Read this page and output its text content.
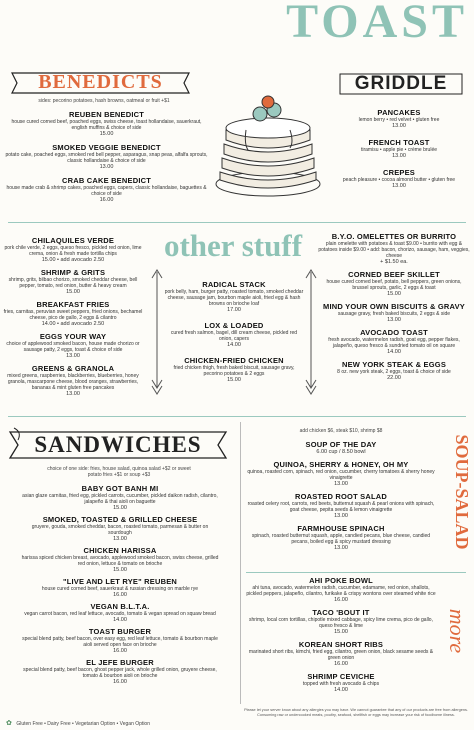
TOAST
BENEDICTS
sides: pecorino potatoes, hash browns, oatmeal or fruit +$1
REUBEN BENEDICT
house cured corned beef, poached eggs, swiss cheese, toast hollandaise, sauerkraut, english muffins & choice of side
15.00
SMOKED VEGGIE BENEDICT
potato cake, poached eggs, smoked red bell pepper, asparagus, snap peas, alfalfa sprouts, classic hollandaise & choice of side
13.00
CRAB CAKE BENEDICT
house made crab & shrimp cakes, poached eggs, capers, classic hollandaise, baguettes & choice of side
16.00
GRIDDLE
PANCAKES
lemon berry • red velvet • gluten free
13.00
FRENCH TOAST
tiramisu • apple pie • crème brulée
13.00
CREPES
peach pleasure • cocoa almond butter • gluten free
13.00
other stuff
CHILAQUILES VERDE
pork chile verde, 2 eggs, queso fresco, pickled red onion, lime crema, onion & fresh made tortilla chips
15.00 • add avocado 2.50
SHRIMP & GRITS
shrimp, grits, bilbao chorizo, smoked cheddar cheese, bell pepper, tomato, red onion, butter & heavy cream
15.00
BREAKFAST FRIES
fries, carnitas, peruvian sweet peppers, fried onions, bechamel cheese, pico de gallo, 2 eggs & cilantro
14.00 • add avocado 2.50
EGGS YOUR WAY
choice of applewood smoked bacon, house made chorizo or sausage patty, 2 eggs, toast & choice of side
13.00
GREENS & GRANOLA
mixed greens, raspberries, blackberries, blueberries, honey granola, mascarpone cheese, blood oranges, strawberries, bananas & mint gluten free pancakes
13.00
RADICAL STACK
pork belly, ham, burger patty, roasted tomato, smoked cheddar cheese, sausage jam, bourbon maple aioli, fried egg & hash browns on brioche loaf
17.00
LOX & LOADED
cured fresh salmon, bagel, dill cream cheese, pickled red onion, capers
14.00
CHICKEN-FRIED CHICKEN
fried chicken thigh, fresh baked biscuit, sausage gravy, pecorino potatoes & 2 eggs
15.00
B.Y.O. OMELETTES OR BURRITO
plain omelette with potatoes & toast $9.00 • burrito with egg & potatoes inside $9.00 • add: bacon, chorizo, sausage, ham, veggies, cheese
+ $1.50 ea.
CORNED BEEF SKILLET
house cured corned beef, potato, bell peppers, green onions, brussel sprouts, garlic, 2 eggs & toast
15.00
MIND YOUR OWN BISCUITS & GRAVY
sausage gravy, fresh baked biscuits, 2 eggs & side
13.00
AVOCADO TOAST
fresh avocado, watermelon radish, goat egg, pepper flakes, jalapeño, queso fresco & sundried tomato oil on square
14.00
NEW YORK STEAK & EGGS
8 oz. new york steak, 2 eggs, toast & choice of side
22.00
SANDWICHES
choice of one side: fries, house salad, quinoa salad +$2 or sweet potato fries +$1 or soup +$3
BABY GOT BANH MI
asian glaze carnitas, fried egg, pickled carrots, cucumber, pickled daikon radish, cilantro, jalapeño & thai aioli on baguette
15.00
SMOKED, TOASTED & GRILLED CHEESE
gruyere, gouda, smoked cheddar, bacon, roasted tomato, parmesan & butter on sourdough
13.00
CHICKEN HARISSA
harissa spiced chicken breast, avocado, applewood smoked bacon, swiss cheese, grilled red onion, lettuce & tomato on brioche
15.00
"LIVE AND LET RYE" REUBEN
house cured corned beef, sauerkraut & russian dressing on marble rye
16.00
VEGAN B.L.T.A.
vegan carrot bacon, red leaf lettuce, avocado, tomato & vegan spread on squaw bread
14.00
TOAST BURGER
special blend patty, beef bacon, over easy egg, red leaf lettuce, tomato & bourbon maple aioli served open face on brioche
16.00
EL JEFE BURGER
special blend patty, beef bacon, ghost pepper jack, whole grilled onion, gruyere cheese, tomato & bourbon aioli on brioche
16.00
add chicken $6, steak $10, shrimp $8
SOUP OF THE DAY
6.00 cup / 8.50 bowl
QUINOA, SHERRY & HONEY, OH MY
quinoa, roasted corn, spinach, red onion, cucumber, cherry tomatoes & sherry honey vinaigrette
13.00
ROASTED ROOT SALAD
roasted celery root, carrots, red beets, butternut squash & pearl onions with spinach, goat cheese, pepita seeds & lemon vinaigrette
13.00
FARMHOUSE SPINACH
spinach, roasted butternut squash, apple, candied pecans, blue cheese, candied pecans, boiled egg & spicy mustard dressing
13.00	SOUP-SALAD
AHI POKE BOWL
ahi tuna, avocado, watermelon radish, cucumber, edamame, red onion, shallots, pickled peppers, jalapeño, cilantro, furikake & crispy wontons over steamed white rice
16.00
TACO 'BOUT IT
shrimp, local corn tortillas, chipotle mixed cabbage, spicy lime crema, pico de gallo, queso fresco & lime
15.00
KOREAN SHORT RIBS
marinated short ribs, kimchi, fried egg, cilantro, green onion, black sesame seeds & green onion
16.00
SHRIMP CEVICHE
topped with fresh avocado & chips
14.00
more
✿ Gluten Free • Dairy Free • Vegetarian Option • Vegan Option
Please let your server know about any allergies you may have. We cannot guarantee that any of our products are free from allergens. Consuming raw or undercooked meats, poultry, seafood, shellfish or eggs may increase your risk of foodborne illness.
